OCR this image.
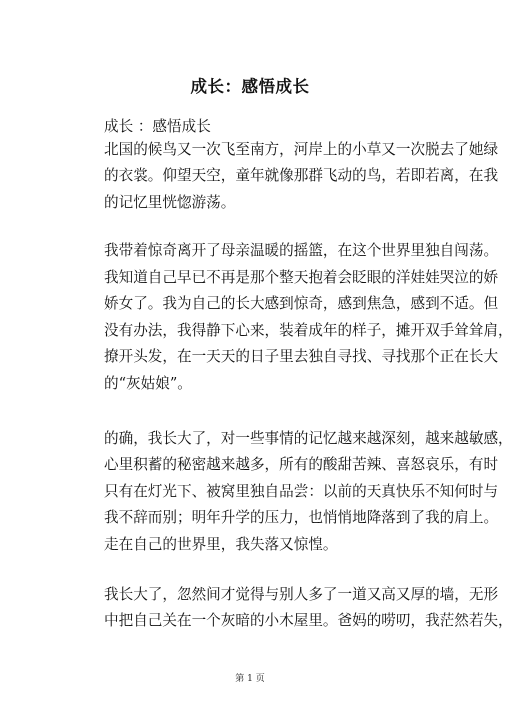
成长：感悟成长
成长 ：感悟成长
北国的候鸟又一次飞至南方，河岸上的小草又一次脱去了她绿
的衣裳。仰望天空，童年就像那群飞动的鸟，若即若离，在我
的记忆里恍惚游荡。
我带着惊奇离开了母亲温暖的摇篮，在这个世界里独自闯荡。
我知道自己早已不再是那个整天抱着会眨眼的洋娃娃哭泣的娇
娇女了。我为自己的长大感到惊奇，感到焦急，感到不适。但
没有办法，我得静下心来，装着成年的样子，摊开双手耸耸肩，
撩开头发，在一天天的日子里去独自寻找、寻找那个正在长大
的“灰姑娘”。
的确，我长大了，对一些事情的记忆越来越深刻，越来越敏感，
心里积蓄的秘密越来越多，所有的酸甜苦辣、喜怒哀乐，有时
只有在灯光下、被窝里独自品尝：以前的天真快乐不知何时与
我不辞而别；明年升学的压力，也悄悄地降落到了我的肩上。
走在自己的世界里，我失落又惊惶。
我长大了，忽然间才觉得与别人多了一道又高又厚的墙，无形
中把自己关在一个灰暗的小木屋里。爸妈的唠叨，我茫然若失，
第 1 页
